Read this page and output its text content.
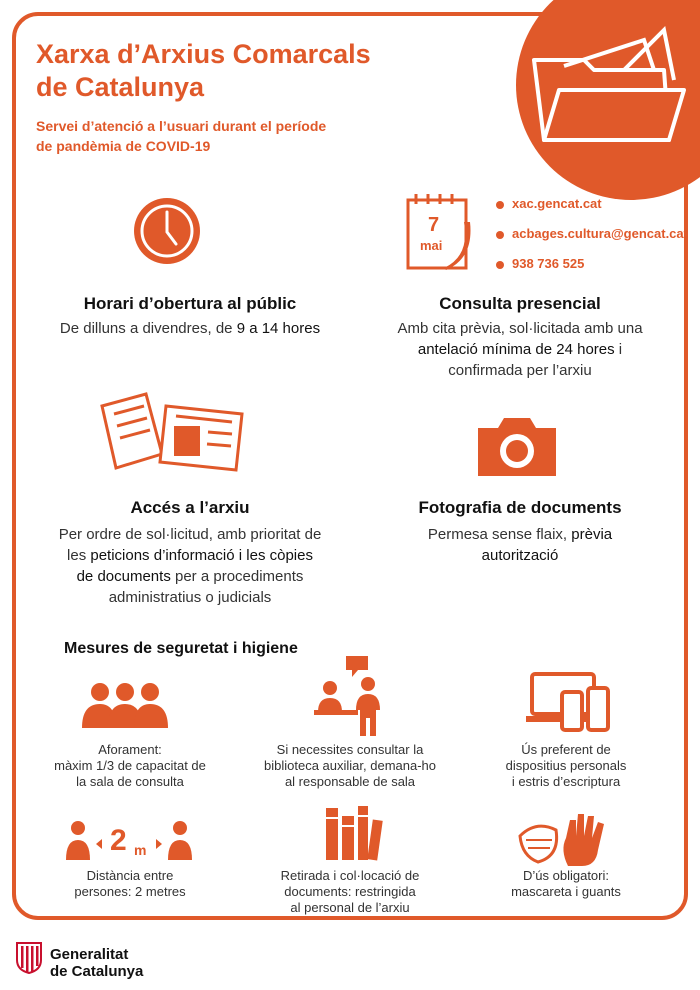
Xarxa d’Arxius Comarcals
de Catalunya

Servei d’atenció a l’usuari durant el període
de pandèmia de COVID-19

7
mai
xac.gencat.cat
acbages.cultura@gencat.cat
938 736 525
Horari d’obertura al públic
De dilluns a divendres, de 9 a 14 hores
Consulta presencial
Amb cita prèvia, sol·licitada amb una
antelació mínima de 24 hores i
confirmada per l’arxiu
Accés a l’arxiu
Per ordre de sol·licitud, amb prioritat de
les peticions d’informació i les còpies
de documents per a procediments
administratius o judicials
Fotografia de documents
Permesa sense flaix, prèvia
autorització
Mesures de seguretat i higiene
Aforament:
màxim 1/3 de capacitat de
la sala de consulta
Si necessites consultar la
biblioteca auxiliar, demana-ho
al responsable de sala
Ús preferent de
dispositius personals
i estris d’escriptura
2 m
Distància entre
persones: 2 metres
Retirada i col·locació de
documents: restringida
al personal de l’arxiu
D’ús obligatori:
mascareta i guants
Generalitat
de Catalunya
